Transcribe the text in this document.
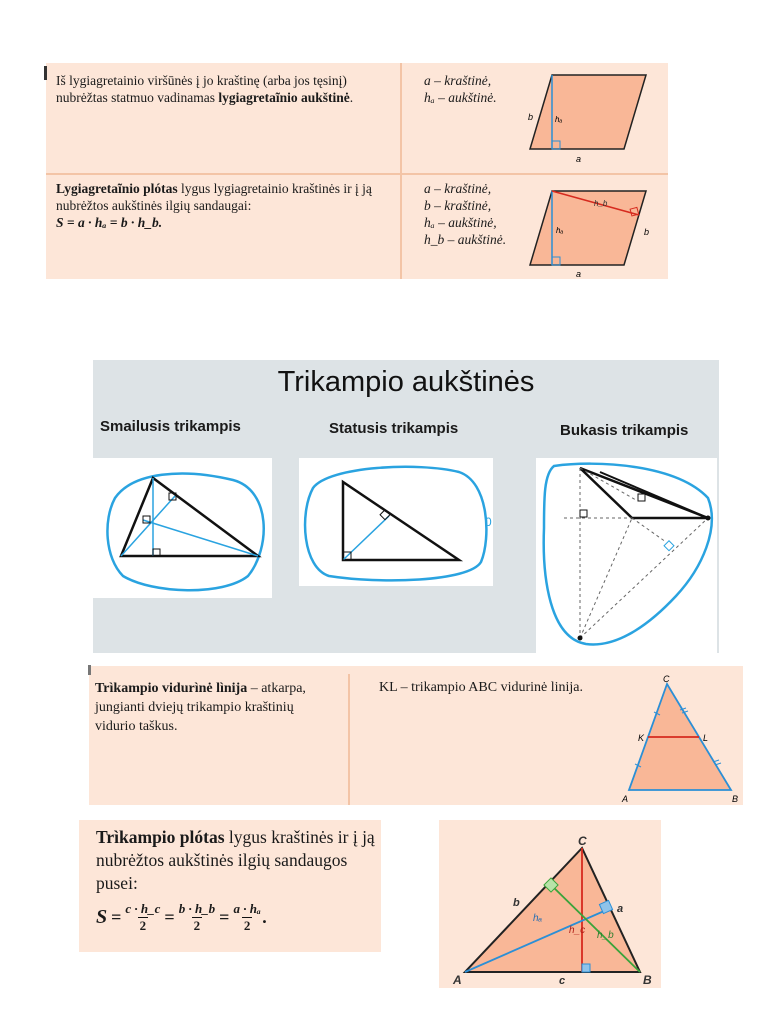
Iš lygiagretainio viršūnės į jo kraštinę (arba jos tęsinį) nubrėžtas statmuo vadinamas lygiagretaĩnio aukštinė.
a – kraštinė,
hₐ – aukštinė.
Lygiagretaĩnio plótas lygus lygiagretainio kraštinės ir į ją nubrėžtos aukštinės ilgių sandaugai:
S = a · hₐ = b · h_b.
a – kraštinė,
b – kraštinė,
hₐ – aukštinė,
h_b – aukštinė.
b	hₐ
a
hₐ
h_b
b
a
Trikampio aukštinės
Smailusis trikampis	Statusis trikampis	Bukasis trikampis
0
Trìkampio vidurìnė lìnija – atkarpa, jungianti dviejų trikampio kraštinių vidurio taškus.
KL – trikampio ABC vidurinė linija.
C
K	L
A	B
Trìkampio plótas lygus kraštinės ir į ją nubrėžtos aukštinės ilgių sandaugos pusei:
$S = \frac{c \cdot h\_c}{2} = \frac{b \cdot h\_b}{2} = \frac{\text{a · hₐ}}{2}$ .
C
A	B
a
b
c
hₐ
h_b
h_c
